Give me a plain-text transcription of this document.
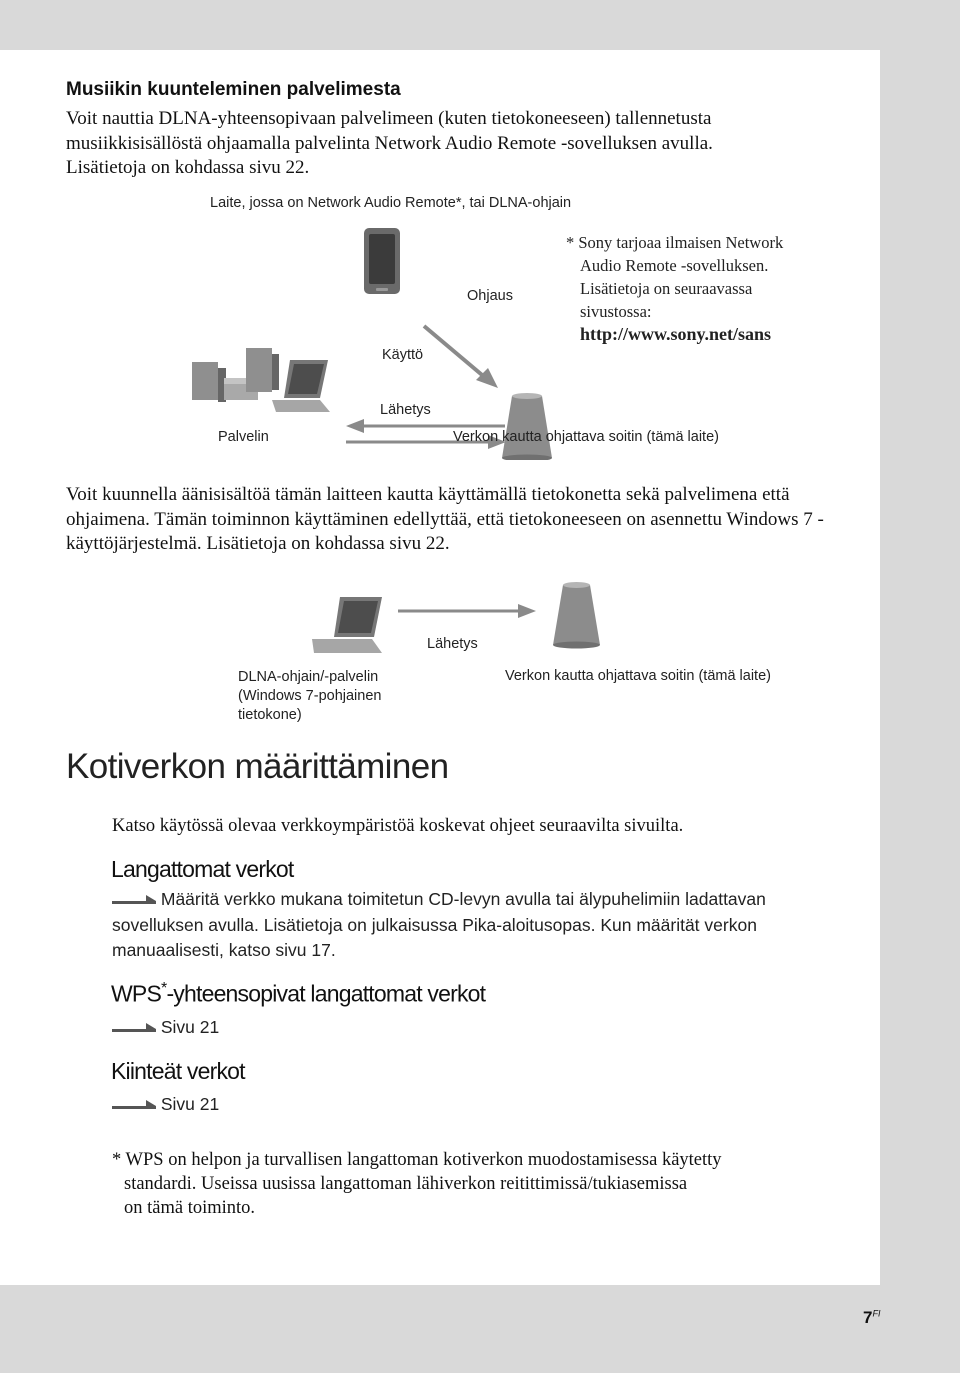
Musiikin kuunteleminen palvelimesta
Voit nauttia DLNA-yhteensopivaan palvelimeen (kuten tietokoneeseen) tallennetusta musiikkisisällöstä ohjaamalla palvelinta Network Audio Remote -sovelluksen avulla. Lisätietoja on kohdassa sivu 22.
Laite, jossa on Network Audio Remote*, tai DLNA-ohjain
Ohjaus
Käyttö
Lähetys
Palvelin	Verkon kautta ohjattava soitin (tämä laite)
* Sony tarjoaa ilmaisen Network
Audio Remote -sovelluksen.
Lisätietoja on seuraavassa
sivustossa:
http://www.sony.net/sans
Voit kuunnella äänisisältöä tämän laitteen kautta käyttämällä tietokonetta sekä palvelimena että ohjaimena. Tämän toiminnon käyttäminen edellyttää, että tietokoneeseen on asennettu Windows 7 -käyttöjärjestelmä. Lisätietoja on kohdassa sivu 22.
Lähetys
DLNA-ohjain/-palvelin
(Windows 7-pohjainen
tietokone)
Verkon kautta ohjattava soitin (tämä laite)
Kotiverkon määrittäminen
Katso käytössä olevaa verkkoympäristöä koskevat ohjeet seuraavilta sivuilta.
Langattomat verkot
Määritä verkko mukana toimitetun CD-levyn avulla tai älypuhelimiin ladattavan
sovelluksen avulla. Lisätietoja on julkaisussa Pika-aloitusopas. Kun määrität verkon
manuaalisesti, katso sivu 17.
WPS*-yhteensopivat langattomat verkot
Sivu 21
Kiinteät verkot
Sivu 21
* WPS on helpon ja turvallisen langattoman kotiverkon muodostamisessa käytetty
standardi. Useissa uusissa langattoman lähiverkon reitittimissä/tukiasemissa
on tämä toiminto.
$7^{FI}$
